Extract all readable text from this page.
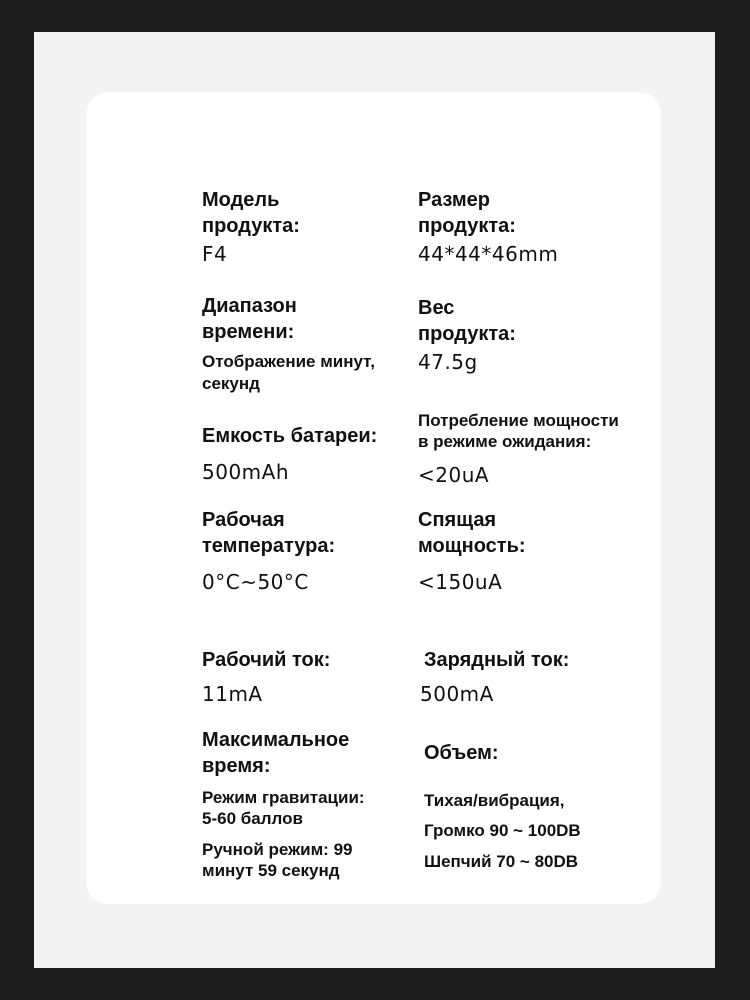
Модель
продукта:
F4
Размер
продукта:
44*44*46mm
Диапазон
времени:
Отображение минут,
секунд
Вес
продукта:
47.5g
Емкость батареи:
500mAh
Потребление мощности
в режиме ожидания:
<20uA
Рабочая
температура:
0°C~50°C
Спящая
мощность:
<150uA
Рабочий ток:
11mA
Зарядный ток:
500mA
Максимальное
время:
Режим гравитации:
5-60 баллов
Ручной режим: 99
минут 59 секунд
Объем:
Тихая/вибрация,
Громко 90 ~ 100DB
Шепчий 70 ~ 80DB
